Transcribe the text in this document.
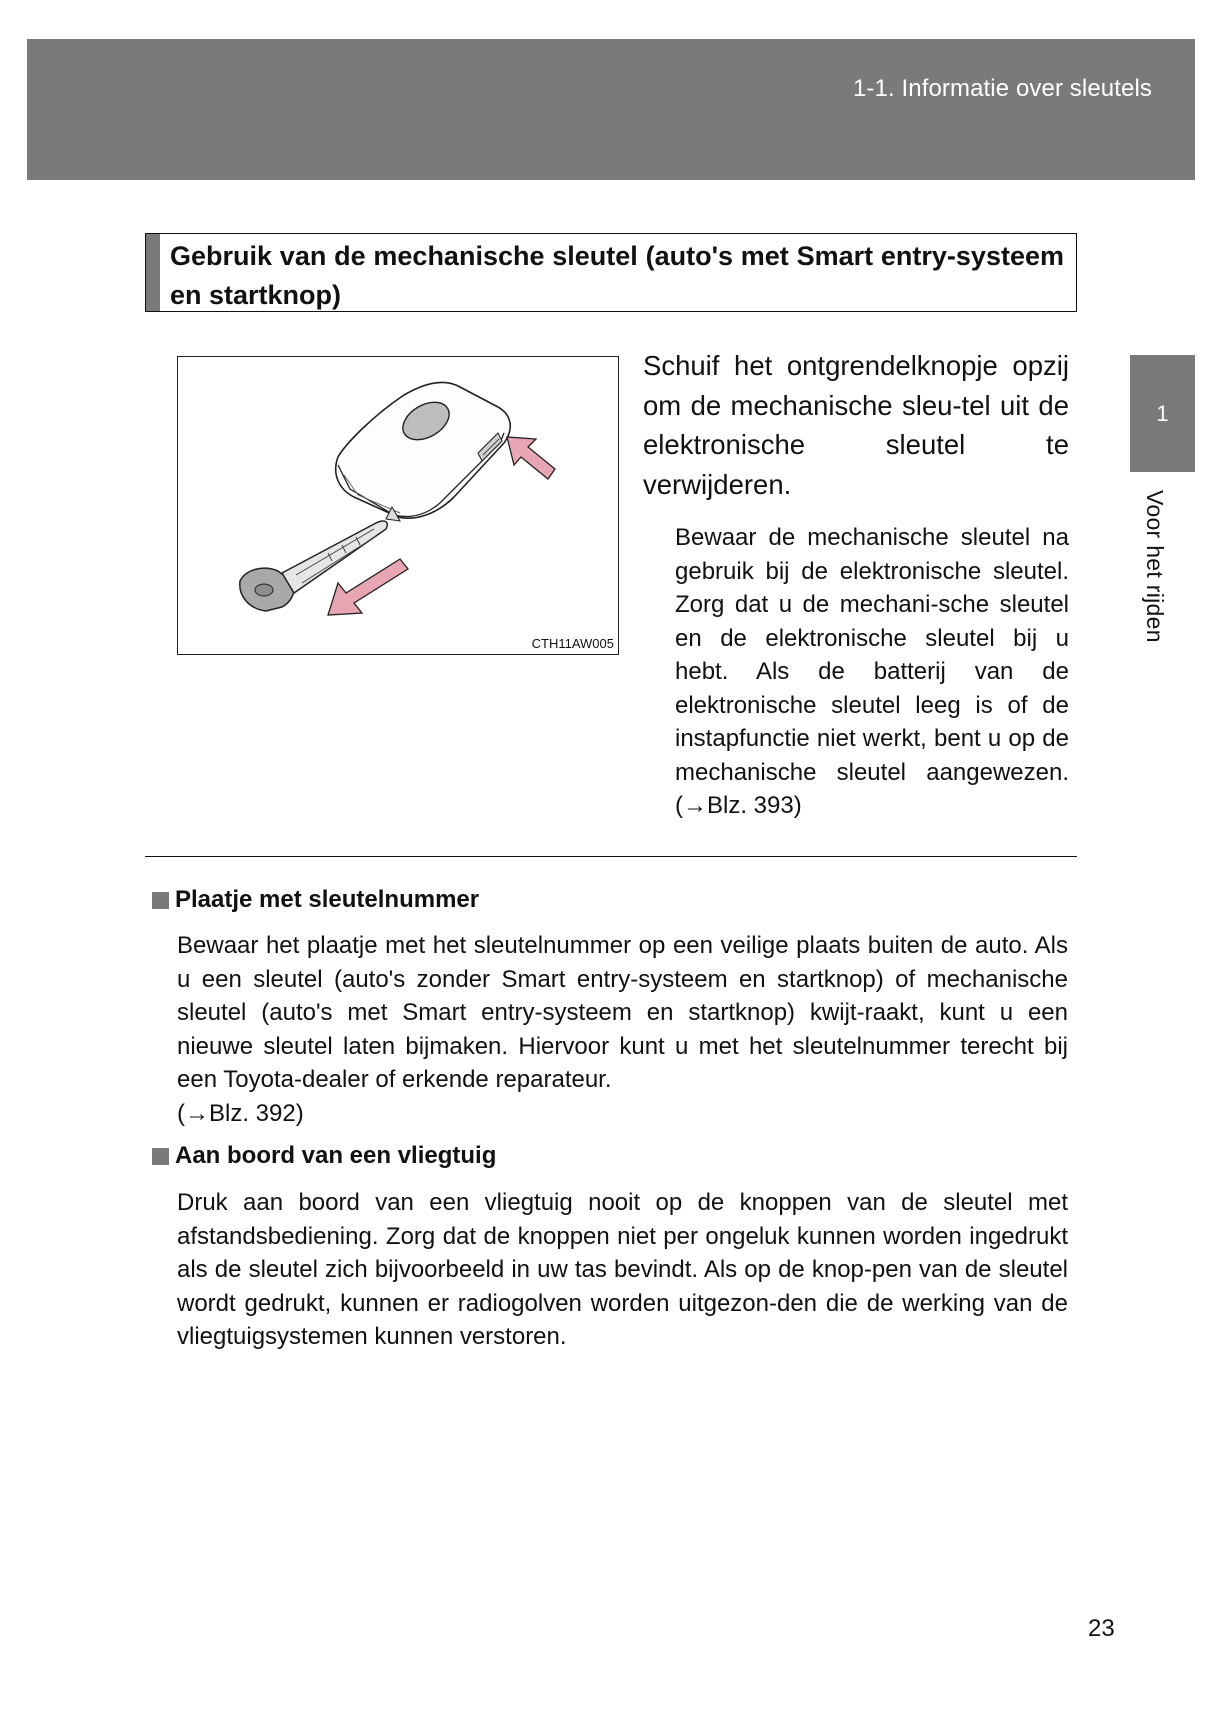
1-1. Informatie over sleutels
1
Voor het rijden
Gebruik van de mechanische sleutel (auto's met Smart entry-systeem en startknop)
CTH11AW005
Schuif het ontgrendelknopje opzij om de mechanische sleu-tel uit de elektronische sleutel te verwijderen.
Bewaar de mechanische sleutel na gebruik bij de elektronische sleutel. Zorg dat u de mechani-sche sleutel en de elektronische sleutel bij u hebt. Als de batterij van de elektronische sleutel leeg is of de instapfunctie niet werkt, bent u op de mechanische sleutel aangewezen. (→Blz. 393)
Plaatje met sleutelnummer
Bewaar het plaatje met het sleutelnummer op een veilige plaats buiten de auto. Als u een sleutel (auto's zonder Smart entry-systeem en startknop) of mechanische sleutel (auto's met Smart entry-systeem en startknop) kwijt-raakt, kunt u een nieuwe sleutel laten bijmaken. Hiervoor kunt u met het sleutelnummer terecht bij een Toyota-dealer of erkende reparateur.
(→Blz. 392)
Aan boord van een vliegtuig
Druk aan boord van een vliegtuig nooit op de knoppen van de sleutel met afstandsbediening. Zorg dat de knoppen niet per ongeluk kunnen worden ingedrukt als de sleutel zich bijvoorbeeld in uw tas bevindt. Als op de knop-pen van de sleutel wordt gedrukt, kunnen er radiogolven worden uitgezon-den die de werking van de vliegtuigsystemen kunnen verstoren.
23
